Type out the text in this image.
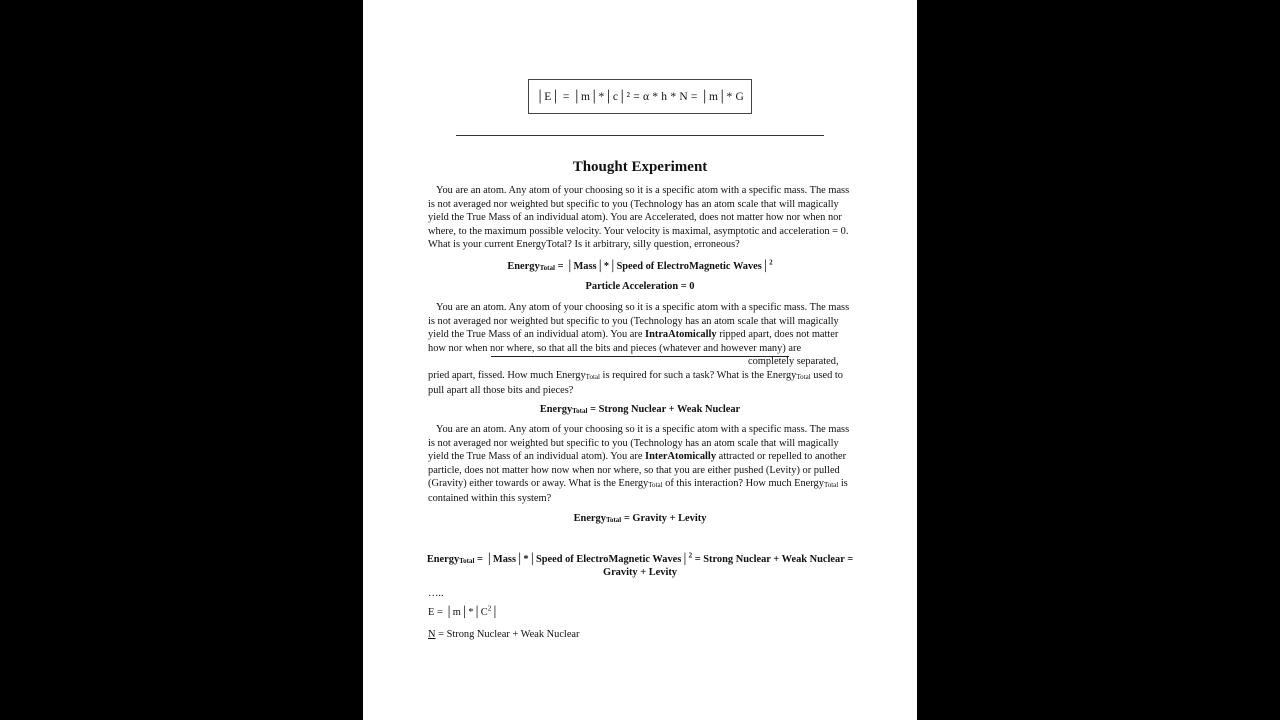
│E│ = │m│*│c│² = α * h * N = │m│* G
Thought Experiment
You are an atom. Any atom of your choosing so it is a specific atom with a specific mass. The mass is not averaged nor weighted but specific to you (Technology has an atom scale that will magically yield the True Mass of an individual atom). You are Accelerated, does not matter how nor when nor where, to the maximum possible velocity. Your velocity is maximal, asymptotic and acceleration = 0. What is your current EnergyTotal? Is it arbitrary, silly question, erroneous?
Energy$_{Total}$ = │Mass│*│Speed of ElectroMagnetic Waves│$^2$
Particle Acceleration = 0
You are an atom. Any atom of your choosing so it is a specific atom with a specific mass. The mass is not averaged nor weighted but specific to you (Technology has an atom scale that will magically yield the True Mass of an individual atom). You are IntraAtomically ripped apart, does not matter how nor when nor where, so that all the bits and pieces (whatever and however many) arecompletely separated, pried apart, fissed. How much Energy$_{Total}$ is required for such a task? What is the Energy$_{Total}$ used to pull apart all those bits and pieces?
Energy$_{Total}$ = Strong Nuclear + Weak Nuclear
You are an atom. Any atom of your choosing so it is a specific atom with a specific mass. The mass is not averaged nor weighted but specific to you (Technology has an atom scale that will magically yield the True Mass of an individual atom). You are InterAtomically attracted or repelled to another particle, does not matter how now when nor where, so that you are either pushed (Levity) or pulled (Gravity) either towards or away. What is the Energy$_{Total}$ of this interaction? How much Energy$_{Total}$ is contained within this system?
Energy$_{Total}$ = Gravity + Levity
Energy$_{Total}$ = │Mass│*│Speed of ElectroMagnetic Waves│$^2$ = Strong Nuclear + Weak Nuclear =
Gravity + Levity
…..
$E = │m│*│C^2│$
N = Strong Nuclear + Weak Nuclear
